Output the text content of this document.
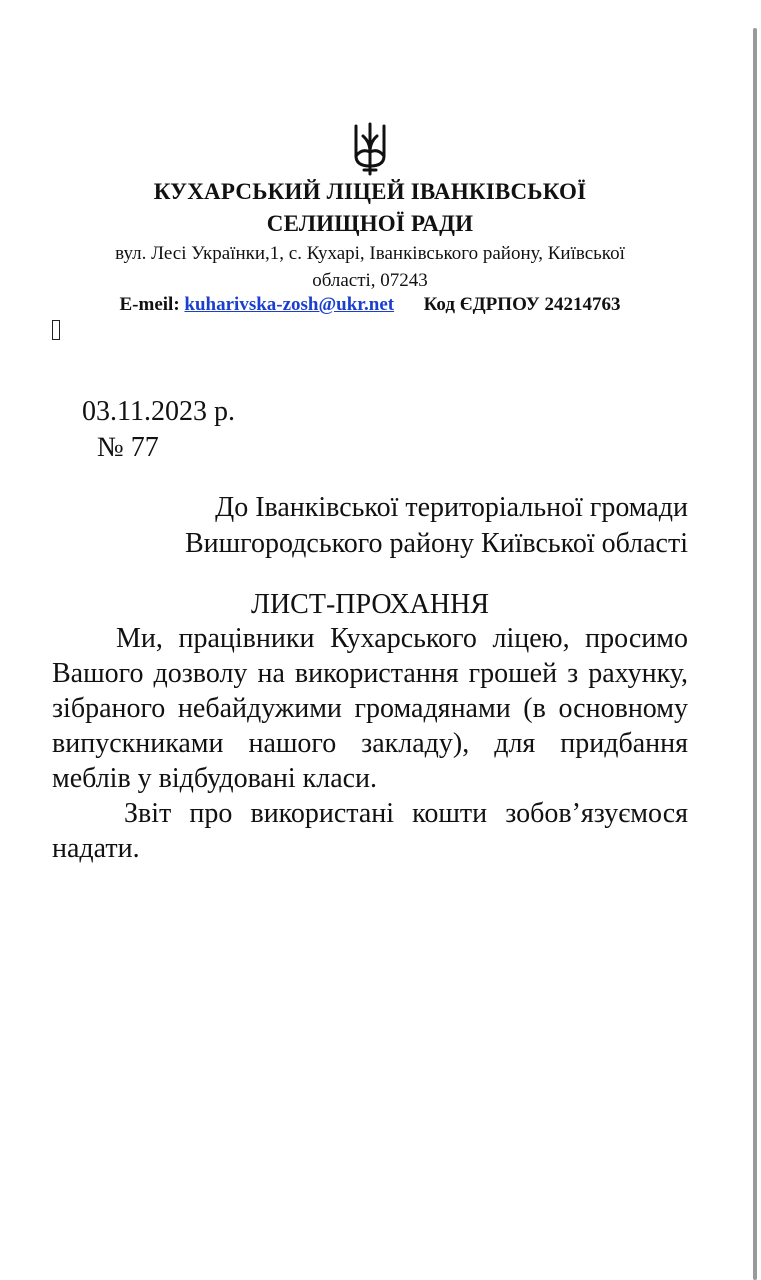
КУХАРСЬКИЙ ЛІЦЕЙ ІВАНКІВСЬКОЇ
СЕЛИЩНОЇ РАДИ
вул. Лесі Українки,1, с. Кухарі, Іванківського району, Київської
області, 07243
E-meil: kuharivska-zosh@ukr.net Код ЄДРПОУ 24214763
03.11.2023 р.
№ 77
До Іванківської територіальної громади
Вишгородського району Київської області
ЛИСТ-ПРОХАННЯ

Ми, працівники Кухарського ліцею, просимо Вашого дозволу на використання грошей з рахунку, зібраного небайдужими громадянами (в основному випускниками нашого закладу), для придбання меблів у відбудовані класи.

Звіт про використані кошти зобов’язуємося надати.
